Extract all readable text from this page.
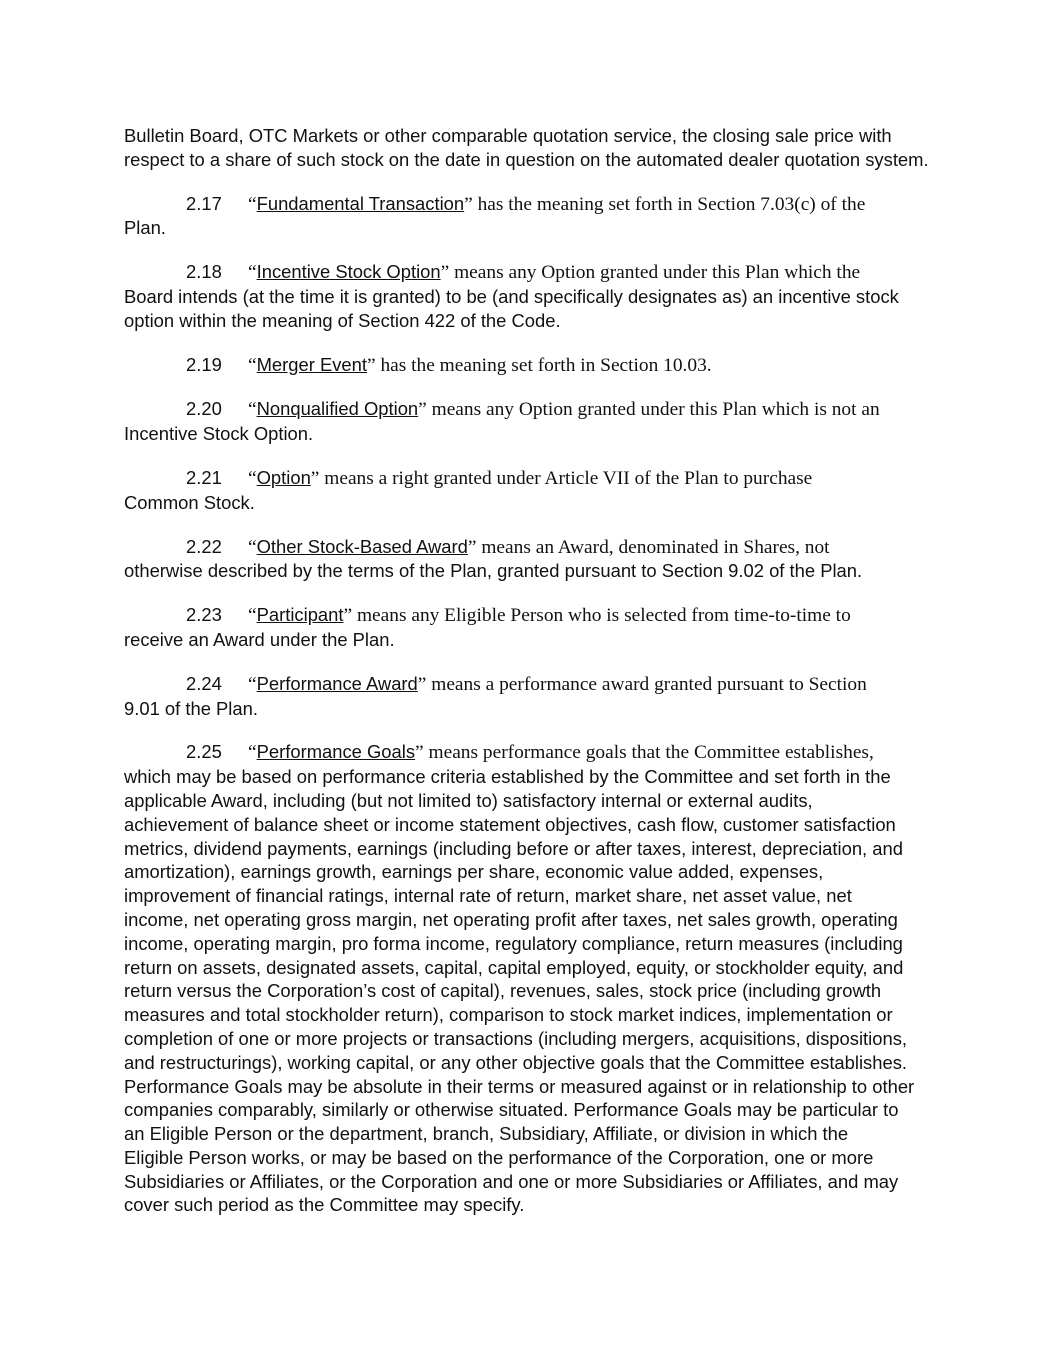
Bulletin Board, OTC Markets or other comparable quotation service, the closing sale price with
respect to a share of such stock on the date in question on the automated dealer quotation system.

2.17 “Fundamental Transaction” has the meaning set forth in Section 7.03(c) of the
Plan.

2.18 “Incentive Stock Option” means any Option granted under this Plan which the
Board intends (at the time it is granted) to be (and specifically designates as) an incentive stock
option within the meaning of Section 422 of the Code.

2.19 “Merger Event” has the meaning set forth in Section 10.03.

2.20 “Nonqualified Option” means any Option granted under this Plan which is not an
Incentive Stock Option.

2.21 “Option” means a right granted under Article VII of the Plan to purchase
Common Stock.

2.22 “Other Stock-Based Award” means an Award, denominated in Shares, not
otherwise described by the terms of the Plan, granted pursuant to Section 9.02 of the Plan.

2.23 “Participant” means any Eligible Person who is selected from time-to-time to
receive an Award under the Plan.

2.24 “Performance Award” means a performance award granted pursuant to Section
9.01 of the Plan.

2.25 “Performance Goals” means performance goals that the Committee establishes,
which may be based on performance criteria established by the Committee and set forth in the
applicable Award, including (but not limited to) satisfactory internal or external audits,
achievement of balance sheet or income statement objectives, cash flow, customer satisfaction
metrics, dividend payments, earnings (including before or after taxes, interest, depreciation, and
amortization), earnings growth, earnings per share, economic value added, expenses,
improvement of financial ratings, internal rate of return, market share, net asset value, net
income, net operating gross margin, net operating profit after taxes, net sales growth, operating
income, operating margin, pro forma income, regulatory compliance, return measures (including
return on assets, designated assets, capital, capital employed, equity, or stockholder equity, and
return versus the Corporation’s cost of capital), revenues, sales, stock price (including growth
measures and total stockholder return), comparison to stock market indices, implementation or
completion of one or more projects or transactions (including mergers, acquisitions, dispositions,
and restructurings), working capital, or any other objective goals that the Committee establishes.
Performance Goals may be absolute in their terms or measured against or in relationship to other
companies comparably, similarly or otherwise situated. Performance Goals may be particular to
an Eligible Person or the department, branch, Subsidiary, Affiliate, or division in which the
Eligible Person works, or may be based on the performance of the Corporation, one or more
Subsidiaries or Affiliates, or the Corporation and one or more Subsidiaries or Affiliates, and may
cover such period as the Committee may specify.
